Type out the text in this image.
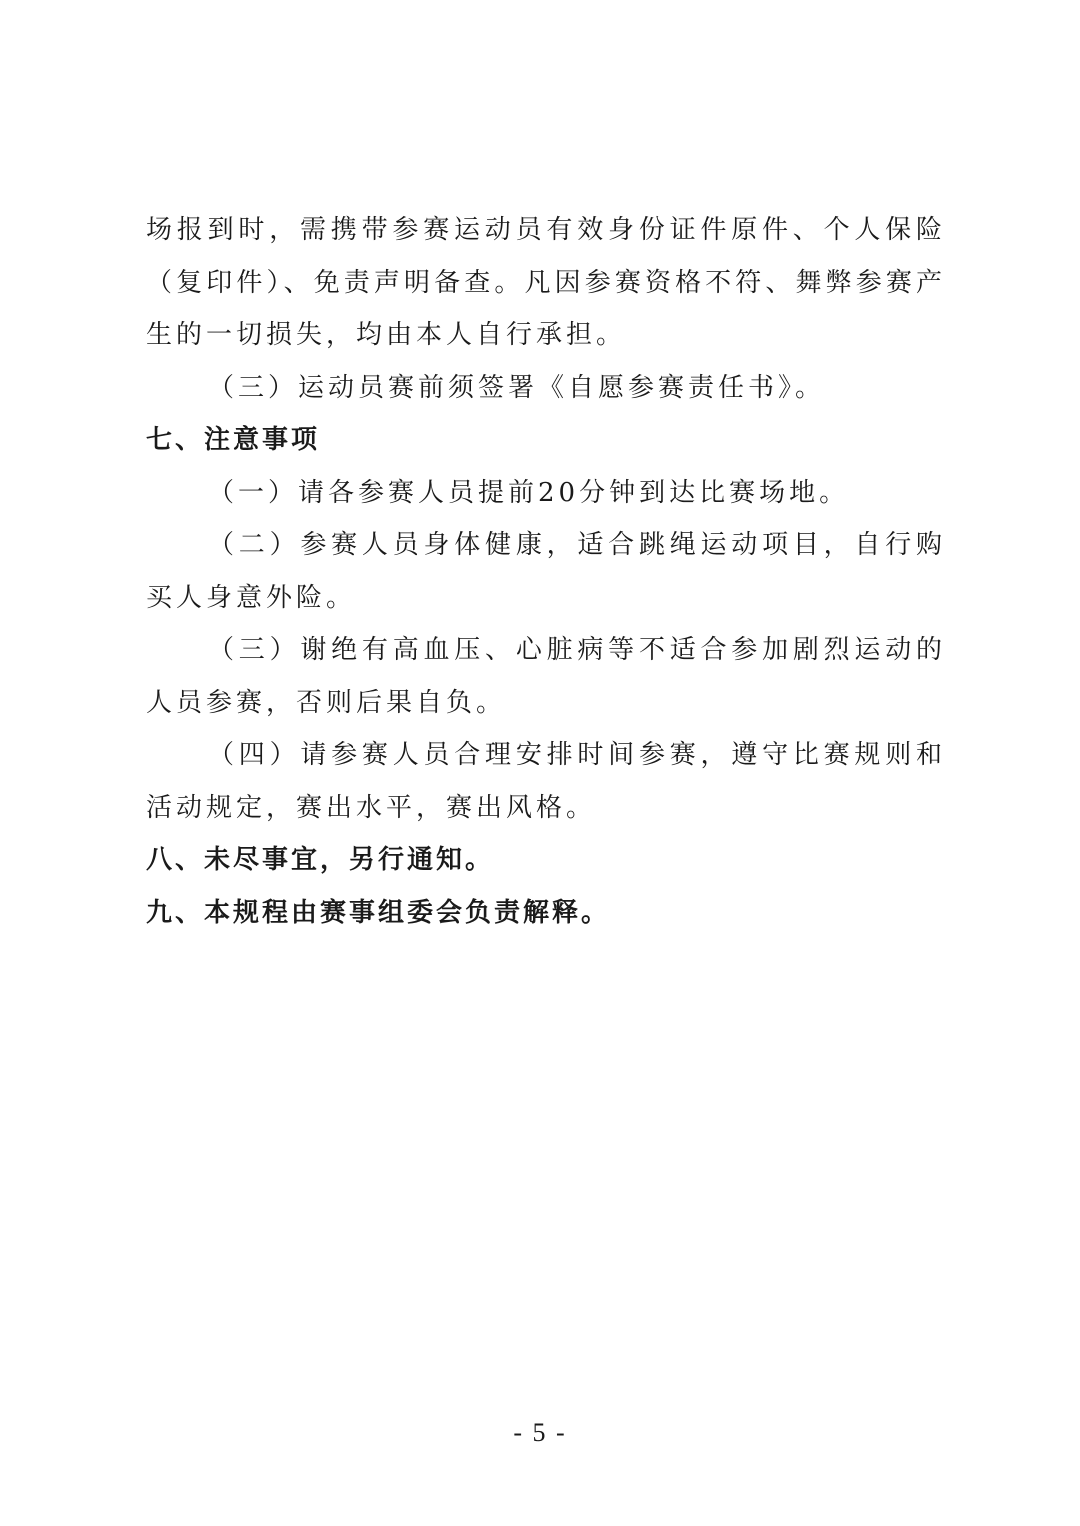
场报到时，需携带参赛运动员有效身份证件原件、个人保险（复印件）、免责声明备查。凡因参赛资格不符、舞弊参赛产生的一切损失，均由本人自行承担。

（三）运动员赛前须签署《自愿参赛责任书》。

七、注意事项

（一）请各参赛人员提前20分钟到达比赛场地。

（二）参赛人员身体健康，适合跳绳运动项目，自行购买人身意外险。

（三）谢绝有高血压、心脏病等不适合参加剧烈运动的人员参赛，否则后果自负。

（四）请参赛人员合理安排时间参赛，遵守比赛规则和活动规定，赛出水平，赛出风格。

八、未尽事宜，另行通知。

九、本规程由赛事组委会负责解释。

- 5 -
